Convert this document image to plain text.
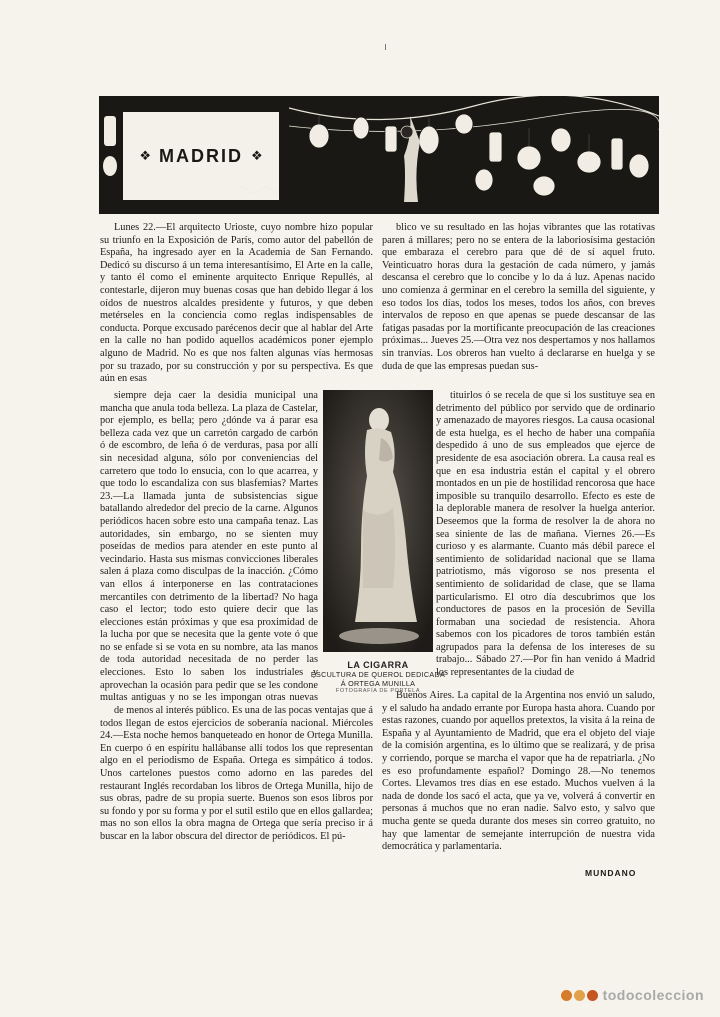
❖ MADRID ❖

Lunes 22.—El arquitecto Urioste, cuyo nombre hizo popular su triunfo en la Exposición de París, como autor del pabellón de España, ha ingresado ayer en la Academia de San Fernando. Dedicó su discurso á un tema interesantísimo, El Arte en la calle, y tanto él como el eminente arquitecto Enrique Repullés, al contestarle, dijeron muy buenas cosas que han debido llegar á los oídos de nuestros alcaldes presidente y futuros, y que deben metérseles en la conciencia como reglas indispensables de conducta. Porque excusado parécenos decir que al hablar del Arte en la calle no han podido aquellos académicos poner ejemplo alguno de Madrid. No es que nos falten algunas vías hermosas por su trazado, por su construcción y por su perspectiva. Es que aún en esas

siempre deja caer la desidia municipal una mancha que anula toda belleza. La plaza de Castelar, por ejemplo, es bella; pero ¿dónde va á parar esa belleza cada vez que un carretón cargado de carbón ó de escombro, de leña ó de verduras, pasa por allí sin necesidad alguna, sólo por conveniencias del carretero que todo lo ensucia, con lo que acarrea, y que todo lo escandaliza con sus blasfemias? Martes 23.—La llamada junta de subsistencias sigue batallando alrededor del precio de la carne. Algunos periódicos hacen sobre esto una campaña tenaz. Las autoridades, sin embargo, no se sienten muy poseídas de medios para atender en este punto al vecindario. Hasta sus mismas convicciones liberales salen á plaza como disculpas de la inacción. ¿Cómo van ellos á interponerse en las contrataciones mercantiles con detrimento de la libertad? No haga caso el lector; todo esto quiere decir que las elecciones están próximas y que esa proximidad de la lucha por que se necesita que la gente vote ó que no se enfade si se vota en su nombre, ata las manos de toda autoridad necesitada de no perder las elecciones. Esto lo saben los industriales y aprovechan la ocasión para pedir que se les condone multas antiguas y no se les impongan otras nuevas

de menos al interés público. Es una de las pocas ventajas que á todos llegan de estos ejercicios de soberanía nacional. Miércoles 24.—Esta noche hemos banqueteado en honor de Ortega Munilla. En cuerpo ó en espíritu hallábanse allí todos los que representan algo en el periodismo de España. Ortega es simpático á todos. Unos cartelones puestos como adorno en las paredes del restaurant Inglés recordaban los libros de Ortega Munilla, hijo de sus obras, padre de su propia suerte. Buenos son esos libros por su fondo y por su forma y por el sutil estilo que en ellos gallardea; mas no son ellos la obra magna de Ortega que sería preciso ir á buscar en la labor obscura del director de periódicos. El pú-

blico ve su resultado en las hojas vibrantes que las rotativas paren á millares; pero no se entera de la laboriosísima gestación que embaraza el cerebro para que dé de sí aquel fruto. Veinticuatro horas dura la gestación de cada número, y jamás descansa el cerebro que lo concibe y lo da á luz. Apenas nacido uno comienza á germinar en el cerebro la semilla del siguiente, y eso todos los días, todos los meses, todos los años, con breves intervalos de reposo en que apenas se puede descansar de las fatigas pasadas por la mortificante preocupación de las creaciones próximas... Jueves 25.—Otra vez nos despertamos y nos hallamos sin tranvías. Los obreros han vuelto á declararse en huelga y se duda de que las empresas puedan sus-

tituirlos ó se recela de que si los sustituye sea en detrimento del público por servido que de ordinario y amenazado de mayores riesgos. La causa ocasional de esta huelga, es el hecho de haber una compañía despedido á uno de sus empleados que ejerce de presidente de esa asociación obrera. La causa real es que en esa industria están el capital y el obrero montados en un pie de hostilidad rencorosa que hace imposible su tranquilo desarrollo. Efecto es este de la deplorable manera de resolver la huelga anterior. Deseemos que la forma de resolver la de ahora no sea siniente de las de mañana. Viernes 26.—Es curioso y es alarmante. Cuanto más débil parece el sentimiento de solidaridad nacional que se llama patriotismo, más vigoroso se nos presenta el sentimiento de solidaridad de clase, que se llama particularismo. El otro día descubrimos que los conductores de pasos en la procesión de Sevilla formaban una sociedad de resistencia. Ahora sabemos con los picadores de toros también están agrupados para la defensa de los intereses de su trabajo... Sábado 27.—Por fin han venido á Madrid los representantes de la ciudad de

Buenos Aires. La capital de la Argentina nos envió un saludo, y el saludo ha andado errante por Europa hasta ahora. Cuando por estas razones, cuando por aquellos pretextos, la visita á la reina de España y al Ayuntamiento de Madrid, que era el objeto del viaje de la comisión argentina, es lo último que se realizará, y de prisa y corriendo, porque se marcha el vapor que ha de repatriarla. ¿No es eso profundamente español? Domingo 28.—No tenemos Cortes. Llevamos tres días en ese estado. Muchos vuelven á la nada de donde los sacó el acta, que ya ve, volverá á convertir en personas á muchos que no eran nadie. Salvo esto, y salvo que mucha gente se queda durante dos meses sin correo gratuito, no hay que lamentar de semejante interrupción de nuestra vida democrática y parlamentaria.

LA CIGARRA
ESCULTURA DE QUEROL DEDICADA Á ORTEGA MUNILLA
FOTOGRAFÍA DE PORTELA
MUNDANO
todocoleccion
